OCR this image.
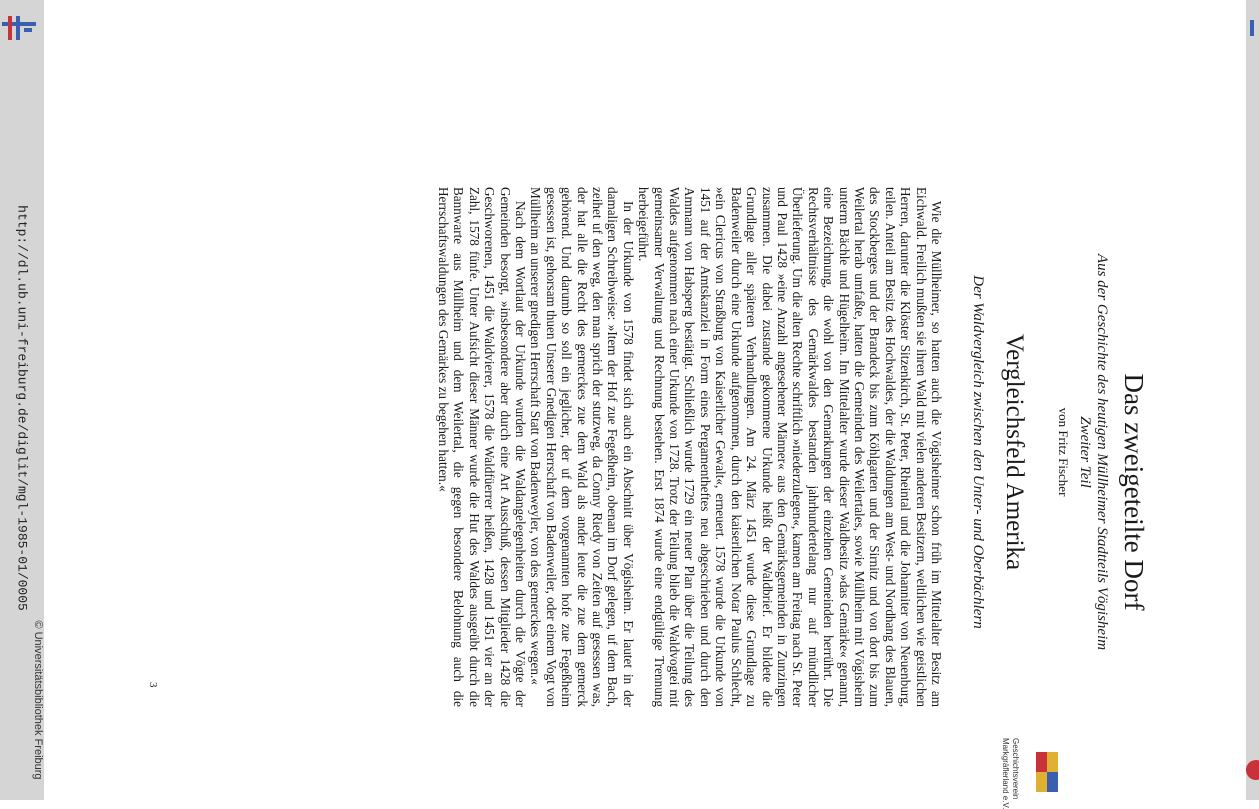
http://dl.ub.uni-freiburg.de/diglit/mgl-1985-01/0005
© Universitätsbibliothek Freiburg	Geschichtsverein
Markgräflerland e.V.
Das zweigeteilte Dorf
Aus der Geschichte des heutigen Müllheimer Stadtteils Vögisheim
Zweiter Teil
von Fritz Fischer
Vergleichsfeld Amerika
Der Waldvergleich zwischen den Unter- und Oberbächlern

Wie die Müllheimer, so hatten auch die Vögisheimer schon früh im Mittelalter Besitz am Eichwald. Freilich mußten sie ihren Wald mit vielen anderen Besitzern, weltlichen wie geistlichen Herren, darunter die Klöster Sitzenkirch, St. Peter, Rheintal und die Johanniter von Neuenburg, teilen. Anteil am Besitz des Hochwaldes, der die Waldungen am West- und Nordhang des Blauen, des Stockberges und der Brandeck bis zum Köhlgarten und der Sirnitz und von dort bis zum Weilertal herab umfaßte, hatten die Gemeinden des Weilertales, sowie Müllheim mit Vögisheim unterm Bächle und Hügelheim. Im Mittelalter wurde dieser Waldbesitz »das Gemärke« genannt, eine Bezeichnung, die wohl von den Gemarkungen der einzelnen Gemeinden herrührt. Die Rechtsverhältnisse des Gemärkwaldes bestanden jahrhundertelang nur auf mündlicher Überlieferung. Um die alten Rechte schriftlich »niederzulegen«, kamen am Freitag nach St. Peter und Paul 1428 »eine Anzahl angesehener Männer« aus den Gemärksgemeinden in Zunzingen zusammen. Die dabei zustande gekommene Urkunde heißt der Waldbrief. Er bildete die Grundlage aller späteren Verhandlungen. Am 24. März 1451 wurde diese Grundlage zu Badenweiler durch eine Urkunde aufgenommen, durch den kaiserlichen Notar Paulus Schlecht, »ein Clericus von Straßburg von Kaiserlicher Gewalt«, erneuert. 1578 wurde die Urkunde von 1451 auf der Amtskanzlei in Form eines Pergamentheftes neu abgeschrieben und durch den Ammann von Habsperg bestätigt. Schließlich wurde 1729 ein neuer Plan über die Teilung des Waldes aufgenommen nach einer Urkunde von 1728. Trotz der Teilung blieb die Waldvogtei mit gemeinsamer Verwaltung und Rechnung bestehen. Erst 1874 wurde eine endgültige Trennung herbeigeführt.

In der Urkunde von 1578 findet sich auch ein Abschnitt über Vögisheim. Er lautet in der damaligen Schreibweise: »Item der Hof zue Fegeßheim, obenan im Dorf gelegen, uf dem Bach, zeihet uf den weg, den man sprich der stutzweg, da Conny Riedy von Zeiten auf gesessen was, der hat alle die Recht des gemerckes zue dem Wald als ander leute die zue dem gemerck gehörend. Und darumb so soll ein jeglicher, der uf dem vorgenannten hofe zue Fegeßheim gesessen ist, gehorsam thuen Unserer Gnedigen Herrschaft von Badenweiler, oder einem Vogt von Müllheim an unserer gnedigen Herrschaft Statt von Badenweyler, von des gemerckes wegen.«

Nach dem Wortlaut der Urkunde wurden die Waldangelegenheiten durch die Vögte der Gemeinden besorgt, »insbesondere aber durch eine Art Ausschuß, dessen Mitglieder 1428 die Geschworenen, 1451 die Waldvierer, 1578 die Waldfüerrer heißen, 1428 und 1451 vier an der Zahl, 1578 fünfe. Unter Aufsicht dieser Männer wurde die Hut des Waldes ausgeübt durch die Bannwarte aus Müllheim und dem Weilertal, die gegen besondere Belohnung auch die Herrschaftswaldungen des Gemärkes zu begehen hatten.«

3
